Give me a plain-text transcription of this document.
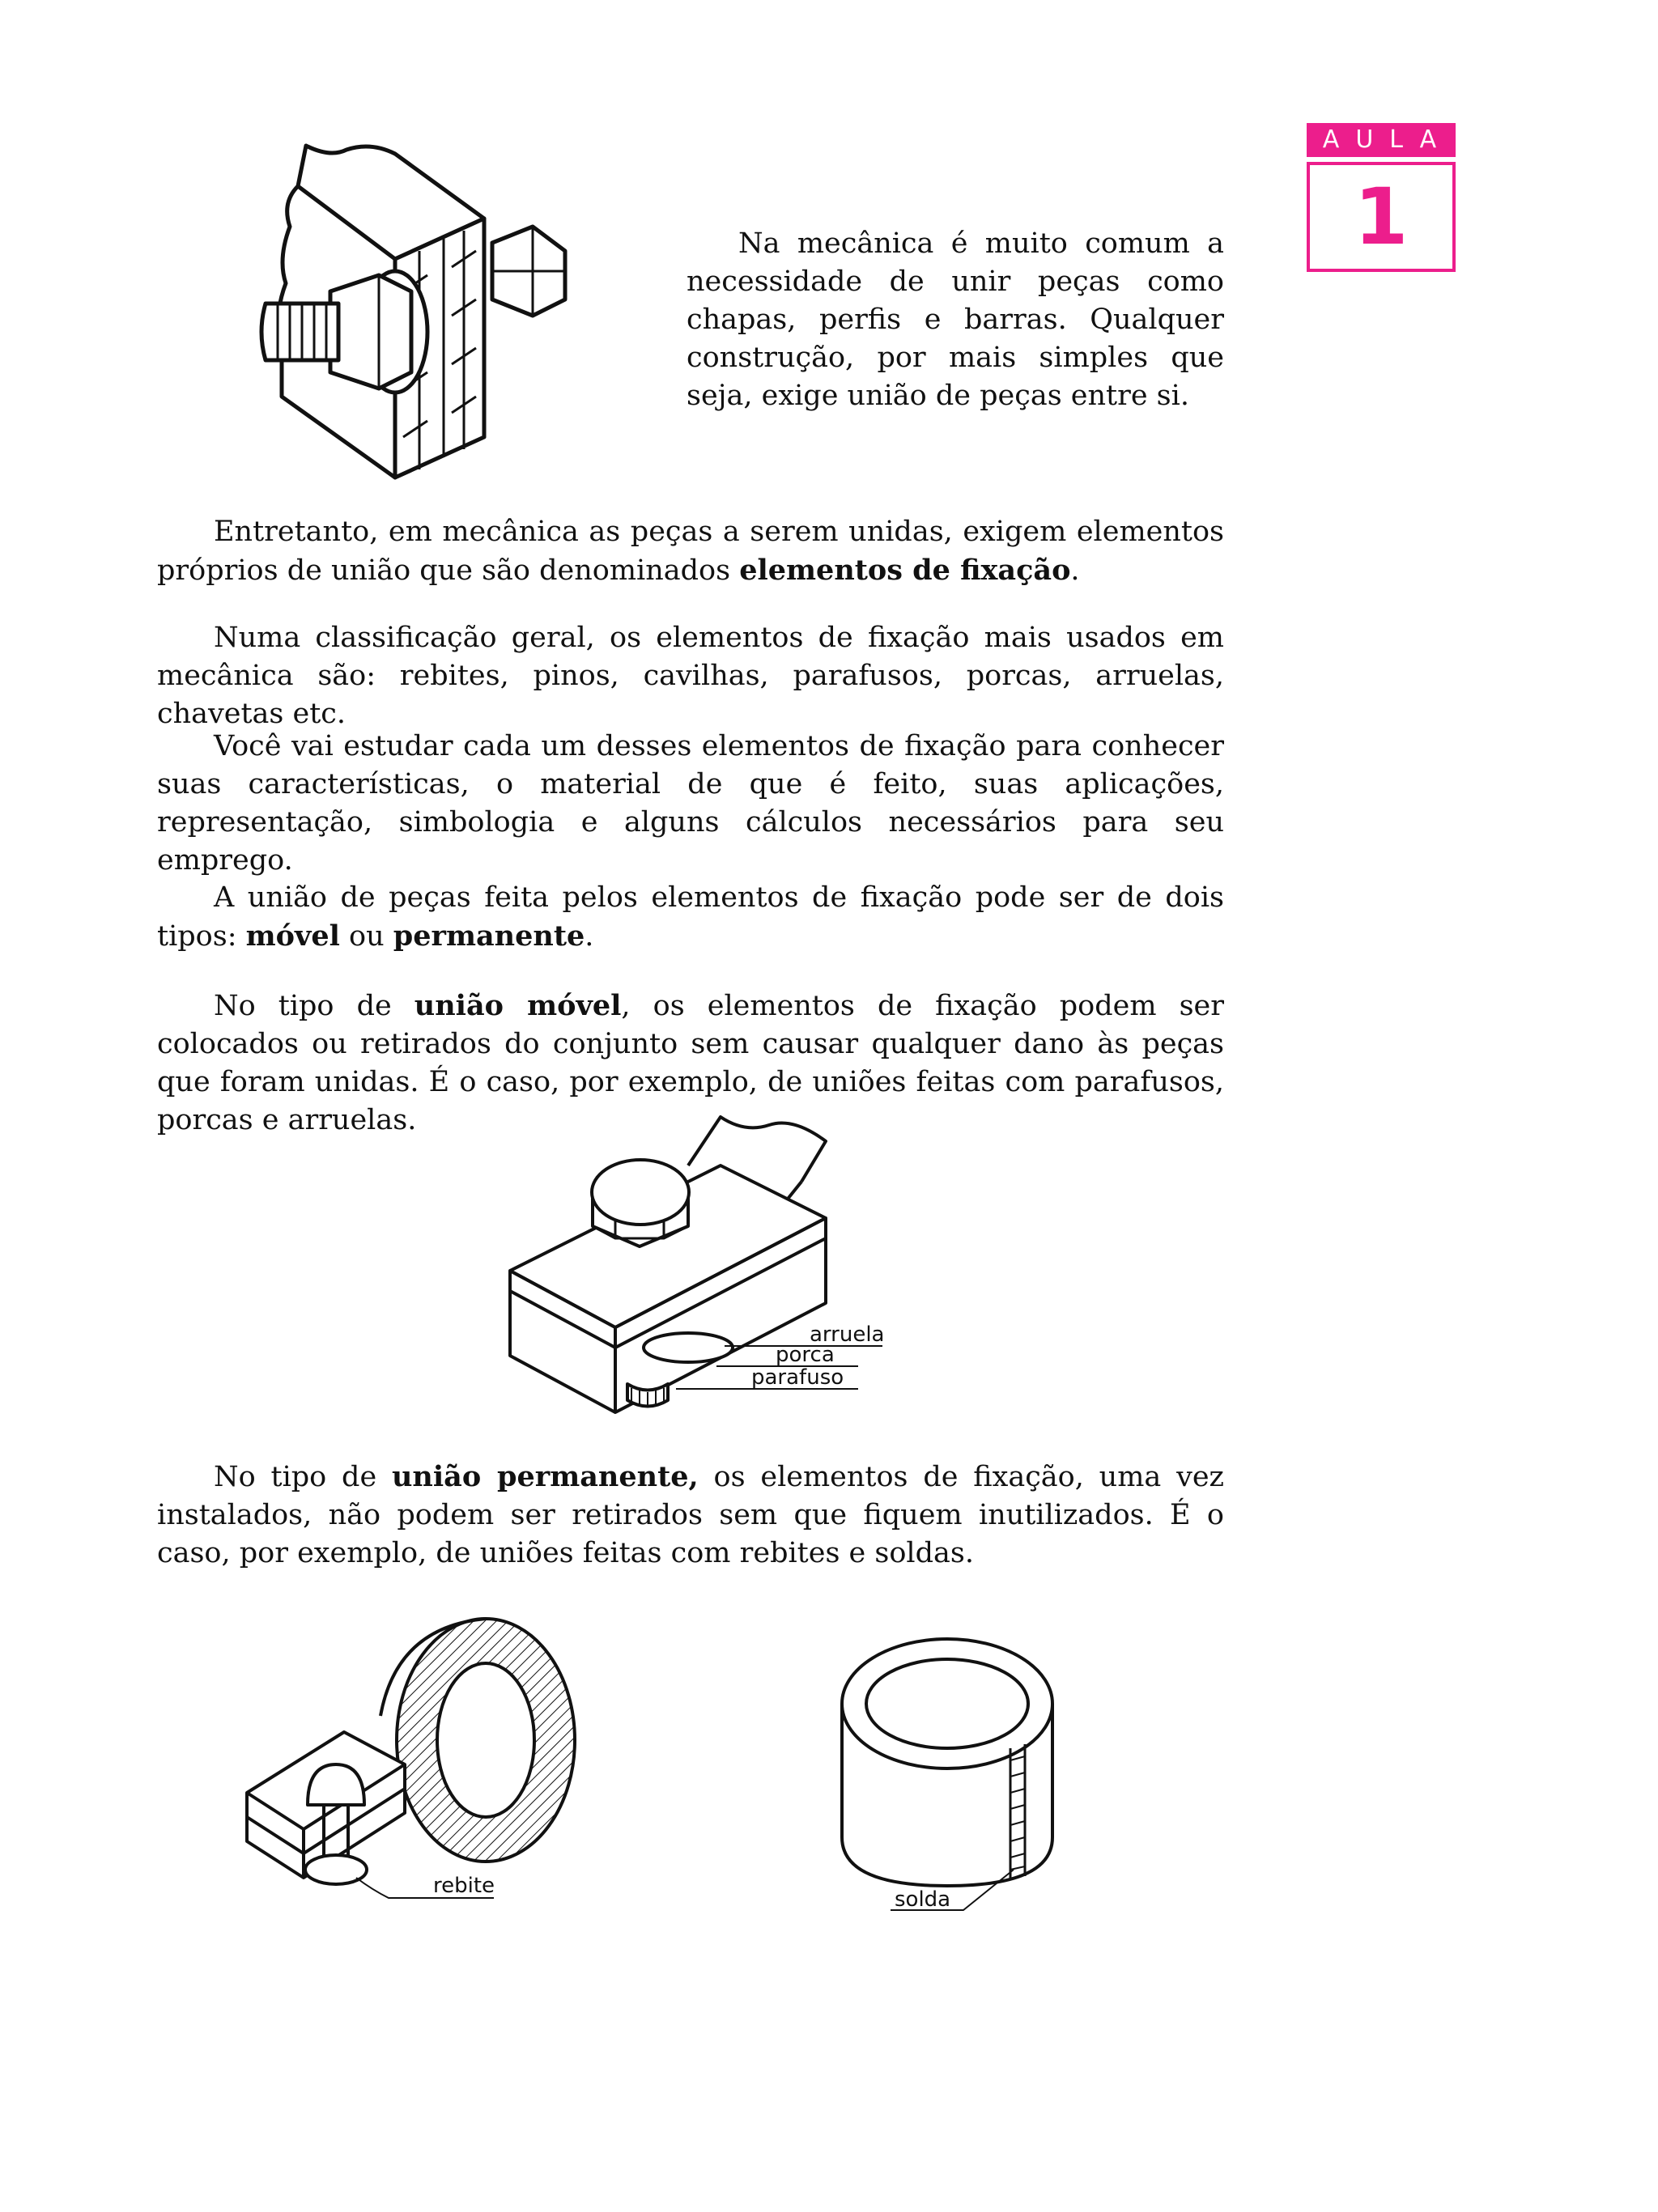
AULA
1

Na mecânica é muito comum a necessidade de unir peças como chapas, perfis e barras. Qualquer construção, por mais simples que seja, exige união de peças entre si.

Entretanto, em mecânica as peças a serem unidas, exigem elementos próprios de união que são denominados elementos de fixação.

Numa classificação geral, os elementos de fixação mais usados em mecânica são: rebites, pinos, cavilhas, parafusos, porcas, arruelas, chavetas etc.

Você vai estudar cada um desses elementos de fixação para conhecer suas características, o material de que é feito, suas aplicações, representação, simbologia e alguns cálculos necessários para seu emprego.

A união de peças feita pelos elementos de fixação pode ser de dois tipos: móvel ou permanente.

No tipo de união móvel, os elementos de fixação podem ser colocados ou retirados do conjunto sem causar qualquer dano às peças que foram unidas. É o caso, por exemplo, de uniões feitas com parafusos, porcas e arruelas.

arruela
porca
parafuso

No tipo de união permanente, os elementos de fixação, uma vez instalados, não podem ser retirados sem que fiquem inutilizados. É o caso, por exemplo, de uniões feitas com rebites e soldas.

rebite
solda
